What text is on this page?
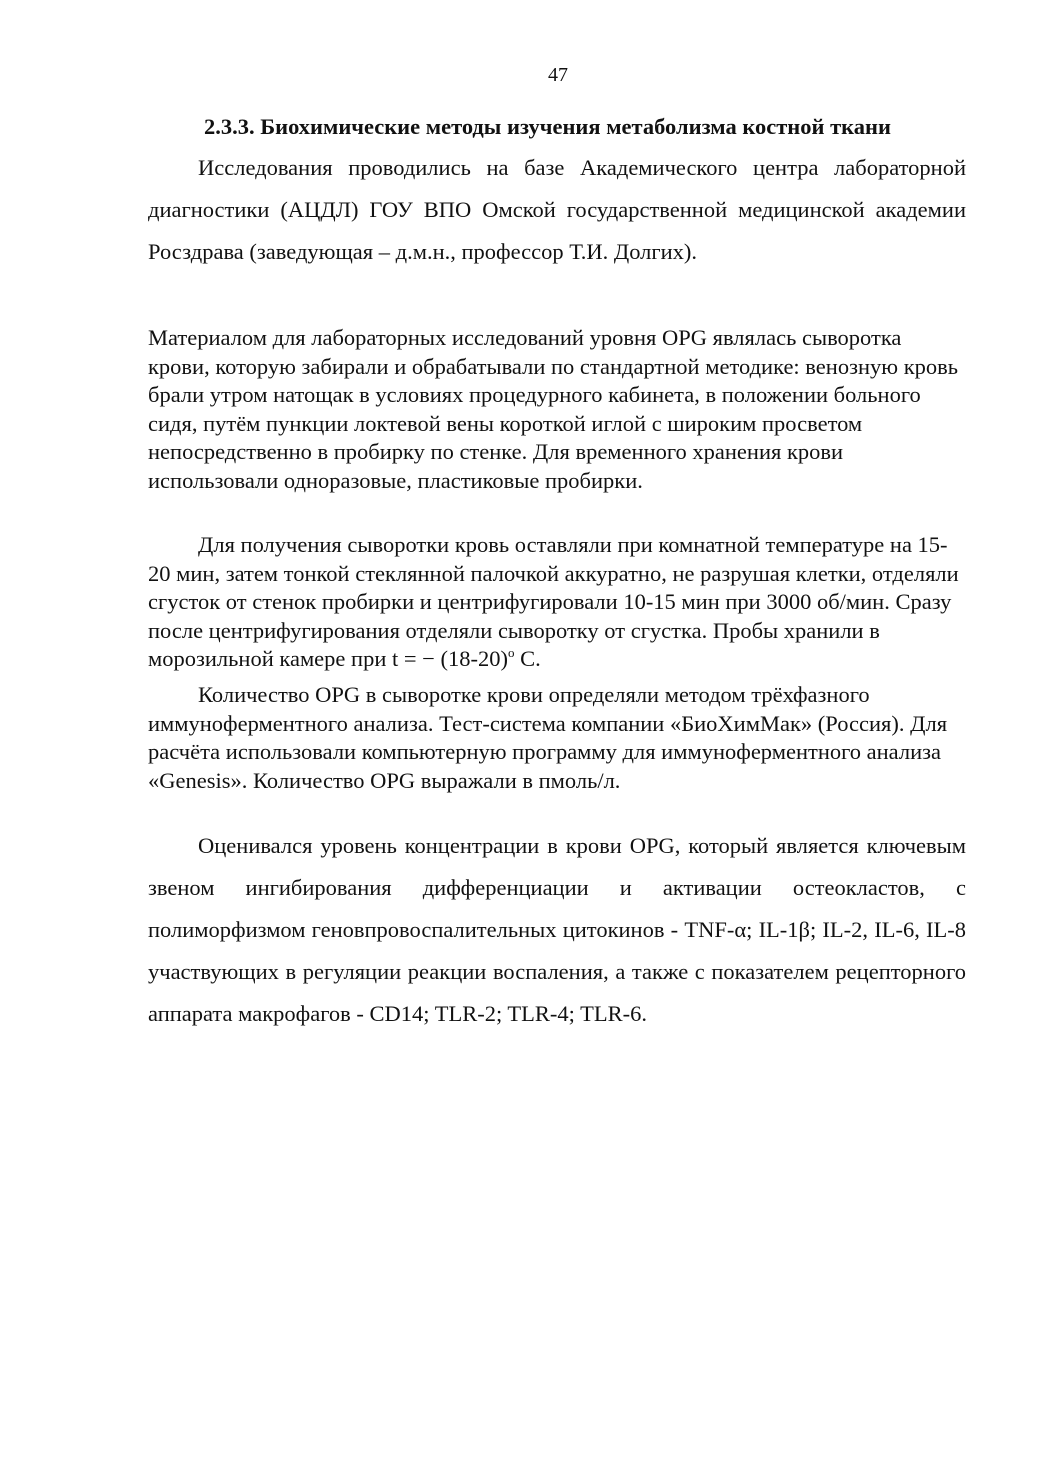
47
2.3.3. Биохимические методы изучения метаболизма костной ткани

Исследования проводились на базе Академического центра лабораторной диагностики (АЦДЛ) ГОУ ВПО Омской государственной медицинской академии Росздрава (заведующая – д.м.н., профессор Т.И. Долгих).

Материалом для лабораторных исследований уровня OPG являлась сыворотка крови, которую забирали и обрабатывали по стандартной методике: венозную кровь брали утром натощак в условиях процедурного кабинета, в положении больного сидя, путём пункции локтевой вены короткой иглой с широким просветом непосредственно в пробирку по стенке. Для временного хранения крови использовали одноразовые, пластиковые пробирки.

Для получения сыворотки кровь оставляли при комнатной температуре на 15-20 мин, затем тонкой стеклянной палочкой аккуратно, не разрушая клетки, отделяли сгусток от стенок пробирки и центрифугировали 10-15 мин при 3000 об/мин. Сразу после центрифугирования отделяли сыворотку от сгустка. Пробы хранили в морозильной камере при t = − $(18-20)^o$ С.

Количество OPG в сыворотке крови определяли методом трёхфазного иммуноферментного анализа. Тест-система компании «БиоХимМак» (Россия). Для расчёта использовали компьютерную программу для иммуноферментного анализа «Genesis». Количество OPG выражали в пмоль/л.

Оценивался уровень концентрации в крови OPG, который является ключевым звеном ингибирования дифференциации и активации остеокластов, с полиморфизмом геновпровоспалительных цитокинов - TNF-α; IL-1β; IL-2, IL-6, IL-8 участвующих в регуляции реакции воспаления, а также с показателем рецепторного аппарата макрофагов - CD14; TLR-2; TLR-4; TLR-6.
